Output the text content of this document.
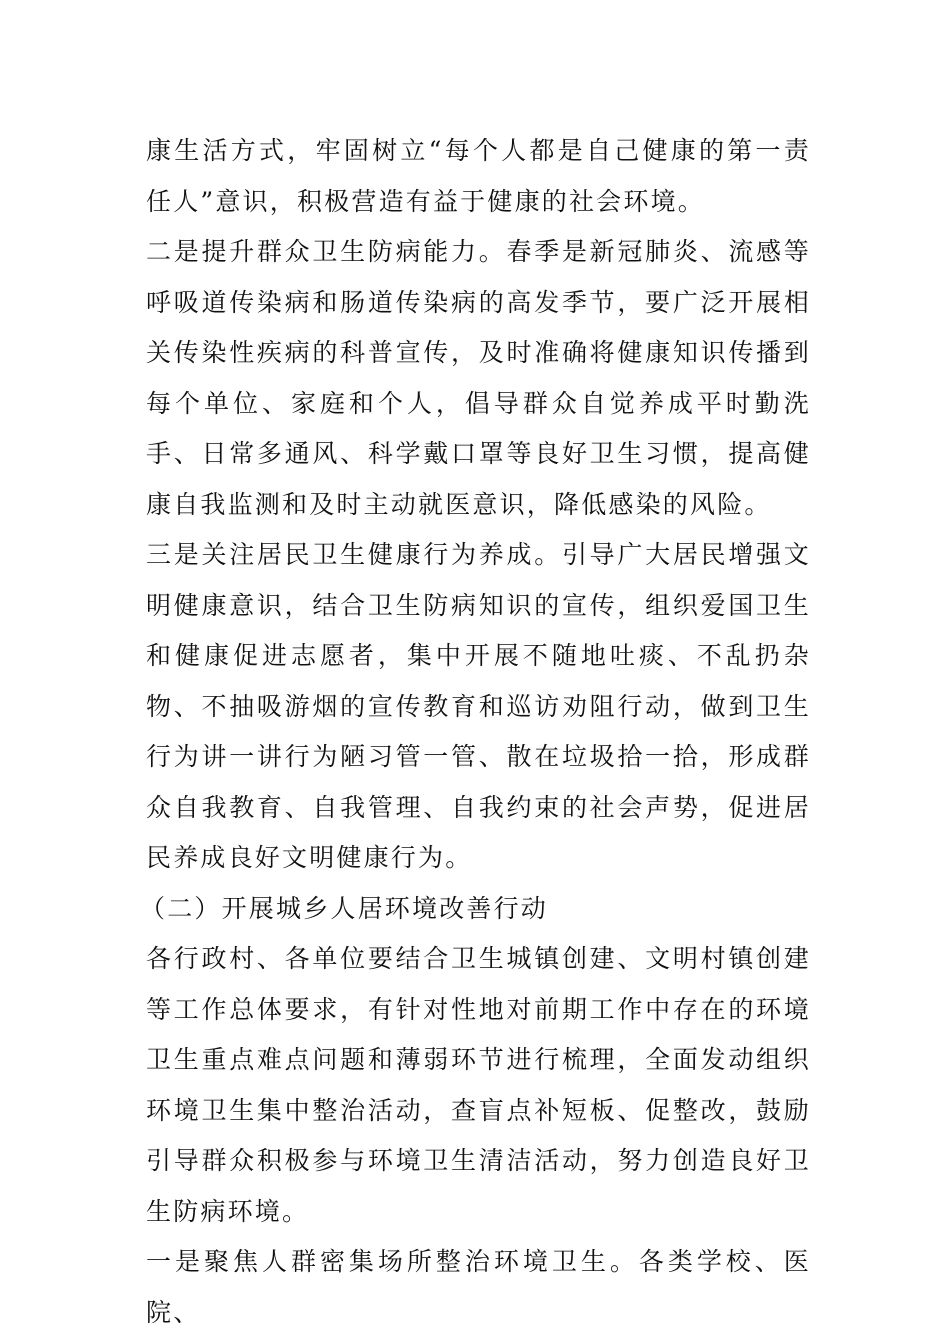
康生活方式，牢固树立“每个人都是自己健康的第一责任人”意识，积极营造有益于健康的社会环境。

二是提升群众卫生防病能力。春季是新冠肺炎、流感等呼吸道传染病和肠道传染病的高发季节，要广泛开展相关传染性疾病的科普宣传，及时准确将健康知识传播到每个单位、家庭和个人，倡导群众自觉养成平时勤洗手、日常多通风、科学戴口罩等良好卫生习惯，提高健康自我监测和及时主动就医意识，降低感染的风险。

三是关注居民卫生健康行为养成。引导广大居民增强文明健康意识，结合卫生防病知识的宣传，组织爱国卫生和健康促进志愿者，集中开展不随地吐痰、不乱扔杂物、不抽吸游烟的宣传教育和巡访劝阻行动，做到卫生行为讲一讲行为陋习管一管、散在垃圾拾一拾，形成群众自我教育、自我管理、自我约束的社会声势，促进居民养成良好文明健康行为。

（二）开展城乡人居环境改善行动

各行政村、各单位要结合卫生城镇创建、文明村镇创建等工作总体要求，有针对性地对前期工作中存在的环境卫生重点难点问题和薄弱环节进行梳理，全面发动组织环境卫生集中整治活动，查盲点补短板、促整改，鼓励引导群众积极参与环境卫生清洁活动，努力创造良好卫生防病环境。

一是聚焦人群密集场所整治环境卫生。各类学校、医院、
